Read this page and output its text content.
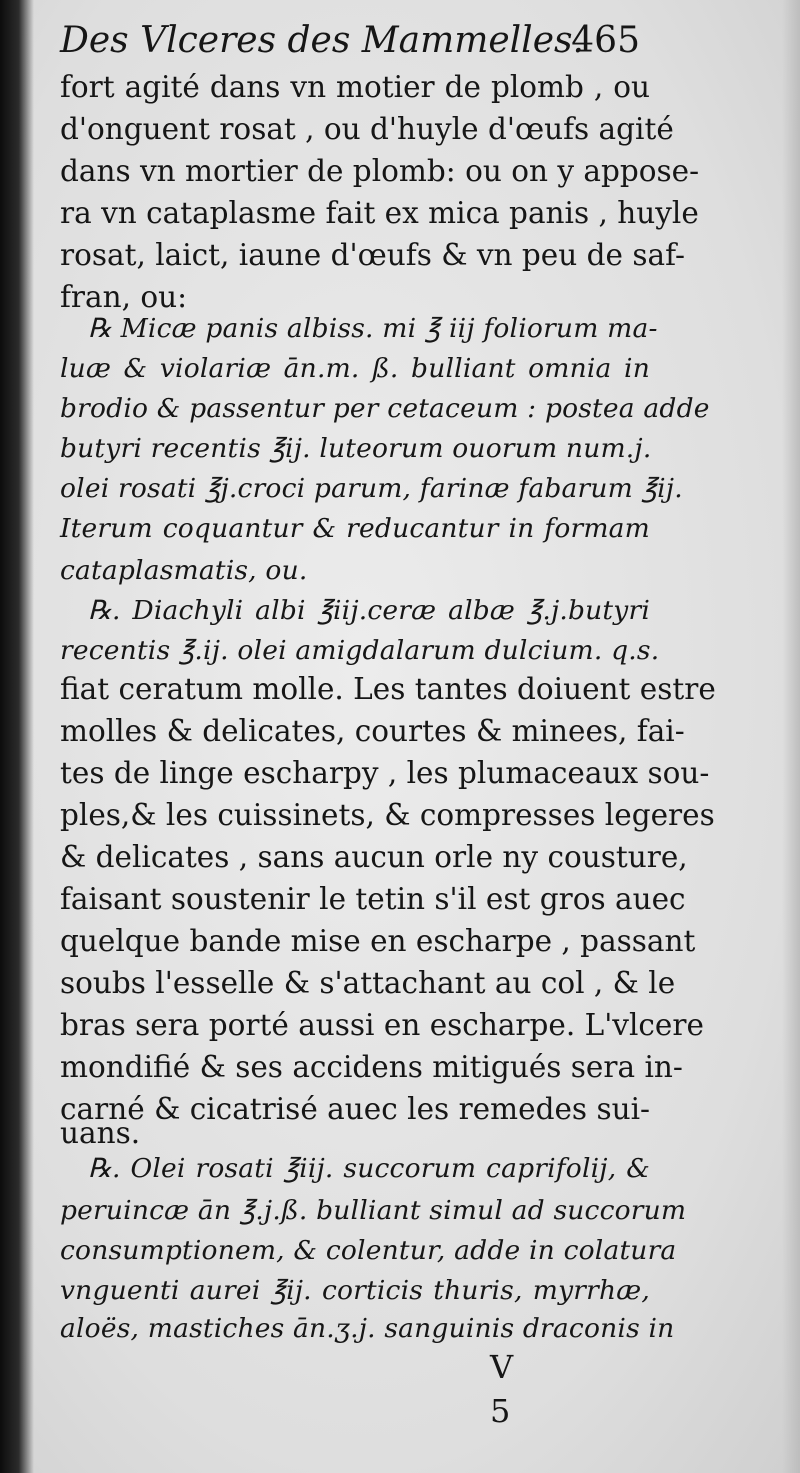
Des Vlceres des Mammelles.
465
fort agité dans vn motier de plomb , ou
d'onguent rosat , ou d'huyle d'œufs agité
dans vn mortier de plomb: ou on y appose-
ra vn cataplasme fait ex mica panis , huyle
rosat, laict, iaune d'œufs & vn peu de saf-
fran, ou:
℞ Micæ panis albiss. mi ℥ iij foliorum ma-
luæ & violariæ ān.m. ß. bulliant omnia in
brodio & passentur per cetaceum : postea adde
butyri recentis ℥ij. luteorum ouorum num.j.
olei rosati ℥j.croci parum, farinæ fabarum ℥ij.
Iterum coquantur & reducantur in formam
cataplasmatis, ou.
℞. Diachyli albi ℥iij.ceræ albæ ℥.j.butyri
recentis ℥.ij. olei amigdalarum dulcium. q.s.
fiat ceratum molle. Les tantes doiuent estre
molles & delicates, courtes & minees, fai-
tes de linge escharpy , les plumaceaux sou-
ples,& les cuissinets, & compresses legeres
& delicates , sans aucun orle ny cousture,
faisant soustenir le tetin s'il est gros auec
quelque bande mise en escharpe , passant
soubs l'esselle & s'attachant au col , & le
bras sera porté aussi en escharpe. L'vlcere
mondifié & ses accidens mitigués sera in-
carné & cicatrisé auec les remedes sui-
uans.
℞. Olei rosati ℥iij. succorum caprifolij, &
peruincæ ān ℥.j.ß. bulliant simul ad succorum
consumptionem, & colentur, adde in colatura
vnguenti aurei ℥ij. corticis thuris, myrrhæ,
aloës, mastiches ān.ʒ.j. sanguinis draconis in
V 5
